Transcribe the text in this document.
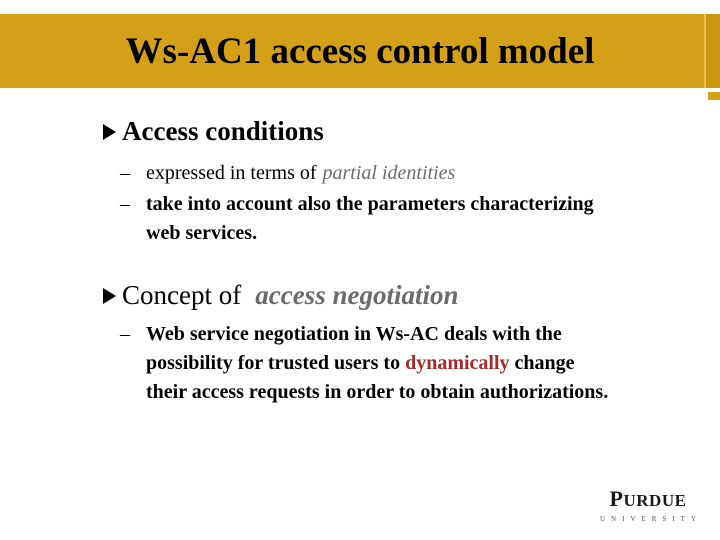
Ws-AC1 access control model
Access conditions
– expressed in terms of partial identities
– take into account also the parameters characterizing
web services.
Concept of access negotiation
– Web service negotiation in Ws-AC deals with the
possibility for trusted users to dynamically change
their access requests in order to obtain authorizations.
PURDUE
UNIVERSITY
